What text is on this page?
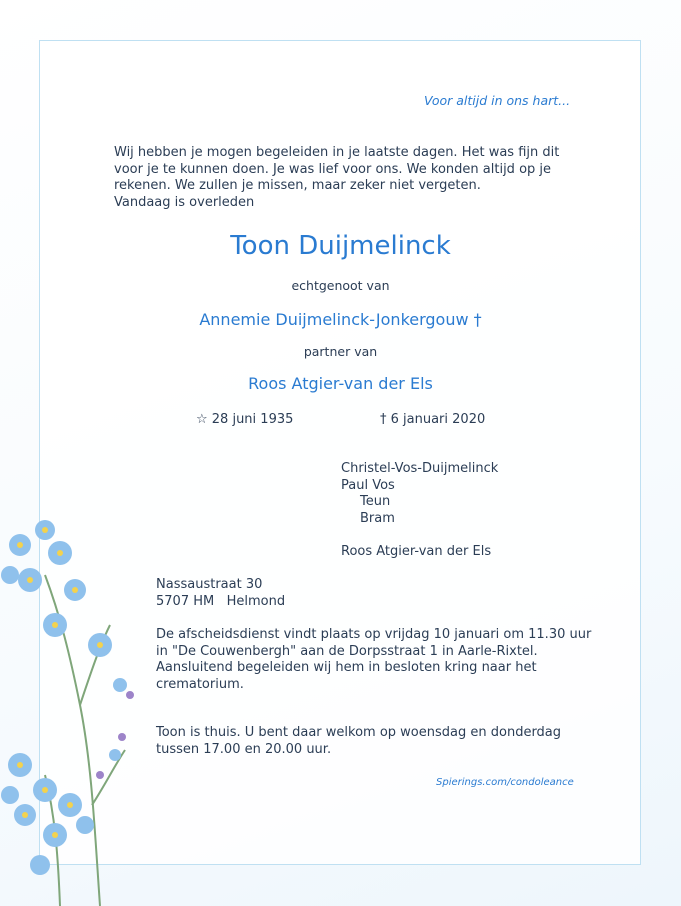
Voor altijd in ons hart...
Wij hebben je mogen begeleiden in je laatste dagen. Het was fijn dit
voor je te kunnen doen. Je was lief voor ons. We konden altijd op je
rekenen. We zullen je missen, maar zeker niet vergeten.
Vandaag is overleden
Toon Duijmelinck
echtgenoot van
Annemie Duijmelinck-Jonkergouw †
partner van
Roos Atgier-van der Els
☆ 28 juni 1935	† 6 januari 2020
Christel-Vos-Duijmelinck
Paul Vos
Teun
Bram
Roos Atgier-van der Els
Nassaustraat 30
5707 HM   Helmond
De afscheidsdienst vindt plaats op vrijdag 10 januari om 11.30 uur
in "De Couwenbergh" aan de Dorpsstraat 1 in Aarle-Rixtel.
Aansluitend begeleiden wij hem in besloten kring naar het
crematorium.
Toon is thuis. U bent daar welkom op woensdag en donderdag
tussen 17.00 en 20.00 uur.
Spierings.com/condoleance
